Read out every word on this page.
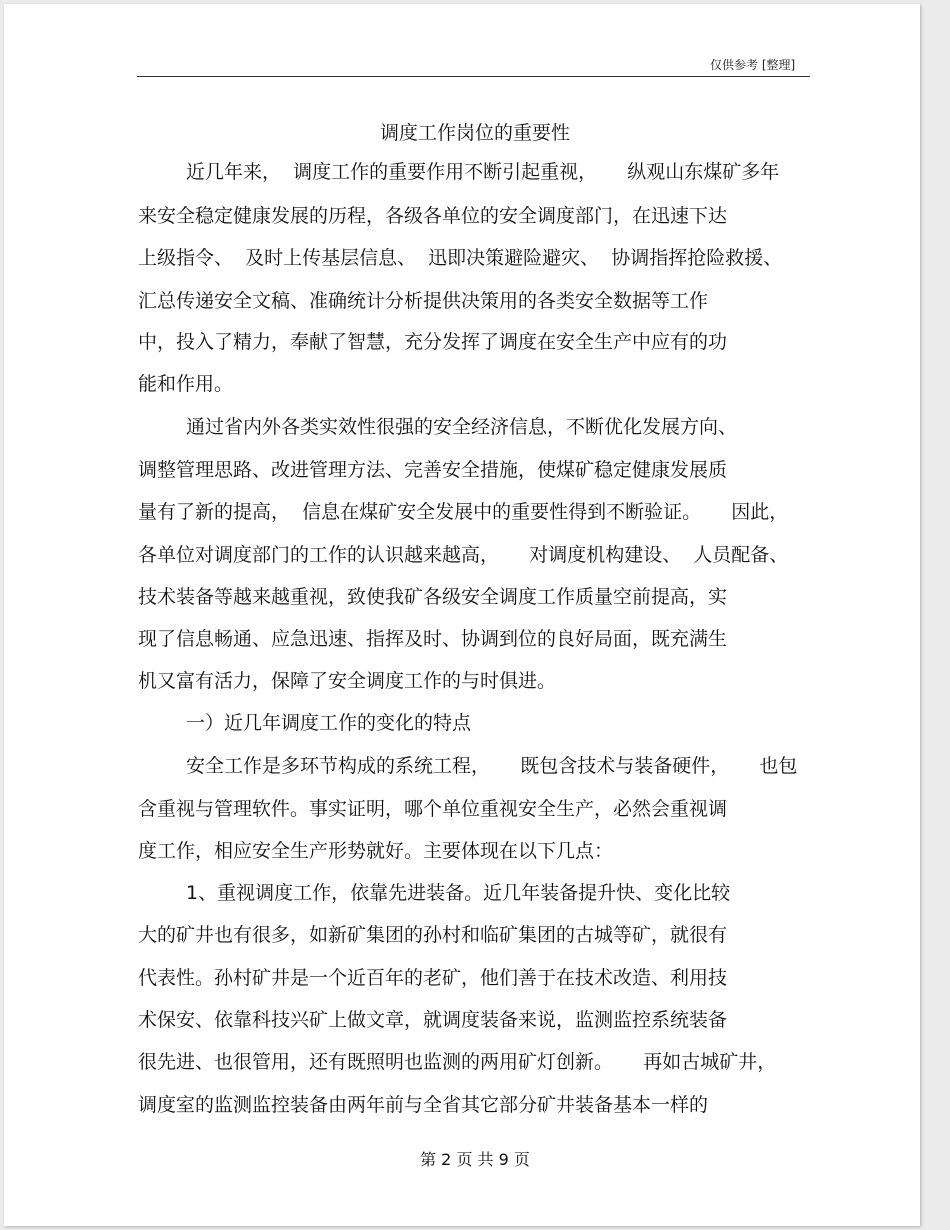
仅供参考 [整理]
调度工作岗位的重要性
近几年来，  调度工作的重要作用不断引起重视，     纵观山东煤矿多年
来安全稳定健康发展的历程，各级各单位的安全调度部门，在迅速下达
上级指令、  及时上传基层信息、  迅即决策避险避灾、  协调指挥抢险救援、
汇总传递安全文稿、准确统计分析提供决策用的各类安全数据等工作
中，投入了精力，奉献了智慧，充分发挥了调度在安全生产中应有的功
能和作用。
通过省内外各类实效性很强的安全经济信息，不断优化发展方向、
调整管理思路、改进管理方法、完善安全措施，使煤矿稳定健康发展质
量有了新的提高，  信息在煤矿安全发展中的重要性得到不断验证。     因此，
各单位对调度部门的工作的认识越来越高，     对调度机构建设、  人员配备、
技术装备等越来越重视，致使我矿各级安全调度工作质量空前提高，实
现了信息畅通、应急迅速、指挥及时、协调到位的良好局面，既充满生
机又富有活力，保障了安全调度工作的与时俱进。
一）近几年调度工作的变化的特点
安全工作是多环节构成的系统工程，     既包含技术与装备硬件，     也包
含重视与管理软件。事实证明，哪个单位重视安全生产，必然会重视调
度工作，相应安全生产形势就好。主要体现在以下几点：
1、重视调度工作，依靠先进装备。近几年装备提升快、变化比较
大的矿井也有很多，如新矿集团的孙村和临矿集团的古城等矿，就很有
代表性。孙村矿井是一个近百年的老矿，他们善于在技术改造、利用技
术保安、依靠科技兴矿上做文章，就调度装备来说，监测监控系统装备
很先进、也很管用，还有既照明也监测的两用矿灯创新。     再如古城矿井，
调度室的监测监控装备由两年前与全省其它部分矿井装备基本一样的
第 2 页 共 9 页
